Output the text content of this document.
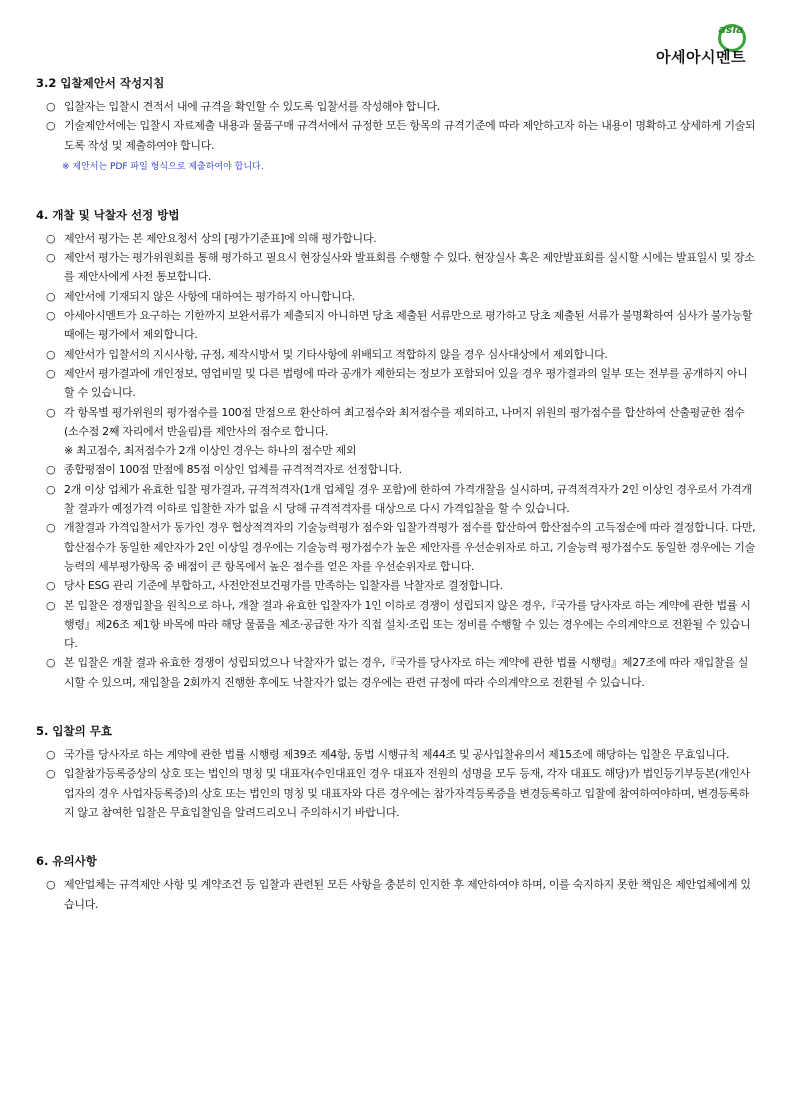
asia
아세아시멘트
3.2 입찰제안서 작성지침
○ 입찰자는 입찰시 견적서 내에 규격을 확인할 수 있도록 입찰서를 작성해야 합니다.
○ 기술제안서에는 입찰시 자료제출 내용과 물품구매 규격서에서 규정한 모든 항목의 규격기준에 따라 제안하고자 하는 내용이 명확하고 상세하게 기술되도록 작성 및 제출하여야 합니다.
※ 제안서는 PDF 파일 형식으로 제출하여야 합니다.
4. 개찰 및 낙찰자 선정 방법
○ 제안서 평가는 본 제안요청서 상의 [평가기준표]에 의해 평가합니다.
○ 제안서 평가는 평가위원회를 통해 평가하고 필요시 현장실사와 발표회를 수행할 수 있다. 현장실사 혹은 제안발표회를 실시할 시에는 발표일시 및 장소를 제안사에게 사전 통보합니다.
○ 제안서에 기재되지 않은 사항에 대하여는 평가하지 아니합니다.
○ 아세아시멘트가 요구하는 기한까지 보완서류가 제출되지 아니하면 당초 제출된 서류만으로 평가하고 당초 제출된 서류가 불명확하여 심사가 불가능할 때에는 평가에서 제외합니다.
○ 제안서가 입찰서의 지시사항, 규정, 제작시방서 및 기타사항에 위배되고 적합하지 않을 경우 심사대상에서 제외합니다.
○ 제안서 평가결과에 개인정보, 영업비밀 및 다른 법령에 따라 공개가 제한되는 정보가 포함되어 있을 경우 평가결과의 일부 또는 전부를 공개하지 아니할 수 있습니다.
○ 각 항목별 평가위원의 평가점수를 100점 만점으로 환산하여 최고점수와 최저점수를 제외하고, 나머지 위원의 평가점수를 합산하여 산출평균한 점수(소수점 2째 자리에서 반올림)를 제안사의 점수로 합니다.
※ 최고점수, 최저점수가 2개 이상인 경우는 하나의 점수만 제외
○ 종합평점이 100점 만점에 85점 이상인 업체를 규격적격자로 선정합니다.
○ 2개 이상 업체가 유효한 입찰 평가결과, 규격적격자(1개 업체일 경우 포함)에 한하여 가격개찰을 실시하며, 규격적격자가 2인 이상인 경우로서 가격개찰 결과가 예정가격 이하로 입찰한 자가 없을 시 당해 규격적격자를 대상으로 다시 가격입찰을 할 수 있습니다.
○ 개찰결과 가격입찰서가 동가인 경우 협상적격자의 기술능력평가 점수와 입찰가격평가 점수를 합산하여 합산점수의 고득점순에 따라 결정합니다. 다만, 합산점수가 동일한 제안자가 2인 이상일 경우에는 기술능력 평가점수가 높은 제안자를 우선순위자로 하고, 기술능력 평가점수도 동일한 경우에는 기술능력의 세부평가항목 중 배점이 큰 항목에서 높은 점수를 얻은 자를 우선순위자로 합니다.
○ 당사 ESG 관리 기준에 부합하고, 사전안전보건평가를 만족하는 입찰자를 낙찰자로 결정합니다.
○ 본 입찰은 경쟁입찰을 원칙으로 하나, 개찰 결과 유효한 입찰자가 1인 이하로 경쟁이 성립되지 않은 경우,『국가를 당사자로 하는 계약에 관한 법률 시행령』제26조 제1항 바목에 따라 해당 물품을 제조·공급한 자가 직접 설치·조립 또는 정비를 수행할 수 있는 경우에는 수의계약으로 전환될 수 있습니다.
○ 본 입찰은 개찰 결과 유효한 경쟁이 성립되었으나 낙찰자가 없는 경우,『국가를 당사자로 하는 계약에 관한 법률 시행령』제27조에 따라 재입찰을 실시할 수 있으며, 재입찰을 2회까지 진행한 후에도 낙찰자가 없는 경우에는 관련 규정에 따라 수의계약으로 전환될 수 있습니다.
5. 입찰의 무효
○ 국가를 당사자로 하는 계약에 관한 법률 시행령 제39조 제4항, 동법 시행규칙 제44조 및 공사입찰유의서 제15조에 해당하는 입찰은 무효입니다.
○ 입찰참가등록증상의 상호 또는 법인의 명칭 및 대표자(수인대표인 경우 대표자 전원의 성명을 모두 등재, 각자 대표도 해당)가 법인등기부등본(개인사업자의 경우 사업자등록증)의 상호 또는 법인의 명칭 및 대표자와 다른 경우에는 참가자격등록증을 변경등록하고 입찰에 참여하여야하며, 변경등록하지 않고 참여한 입찰은 무효입찰임을 알려드리오니 주의하시기 바랍니다.
6. 유의사항
○ 제안업체는 규격제안 사항 및 계약조건 등 입찰과 관련된 모든 사항을 충분히 인지한 후 제안하여야 하며, 이를 숙지하지 못한 책임은 제안업체에게 있습니다.
